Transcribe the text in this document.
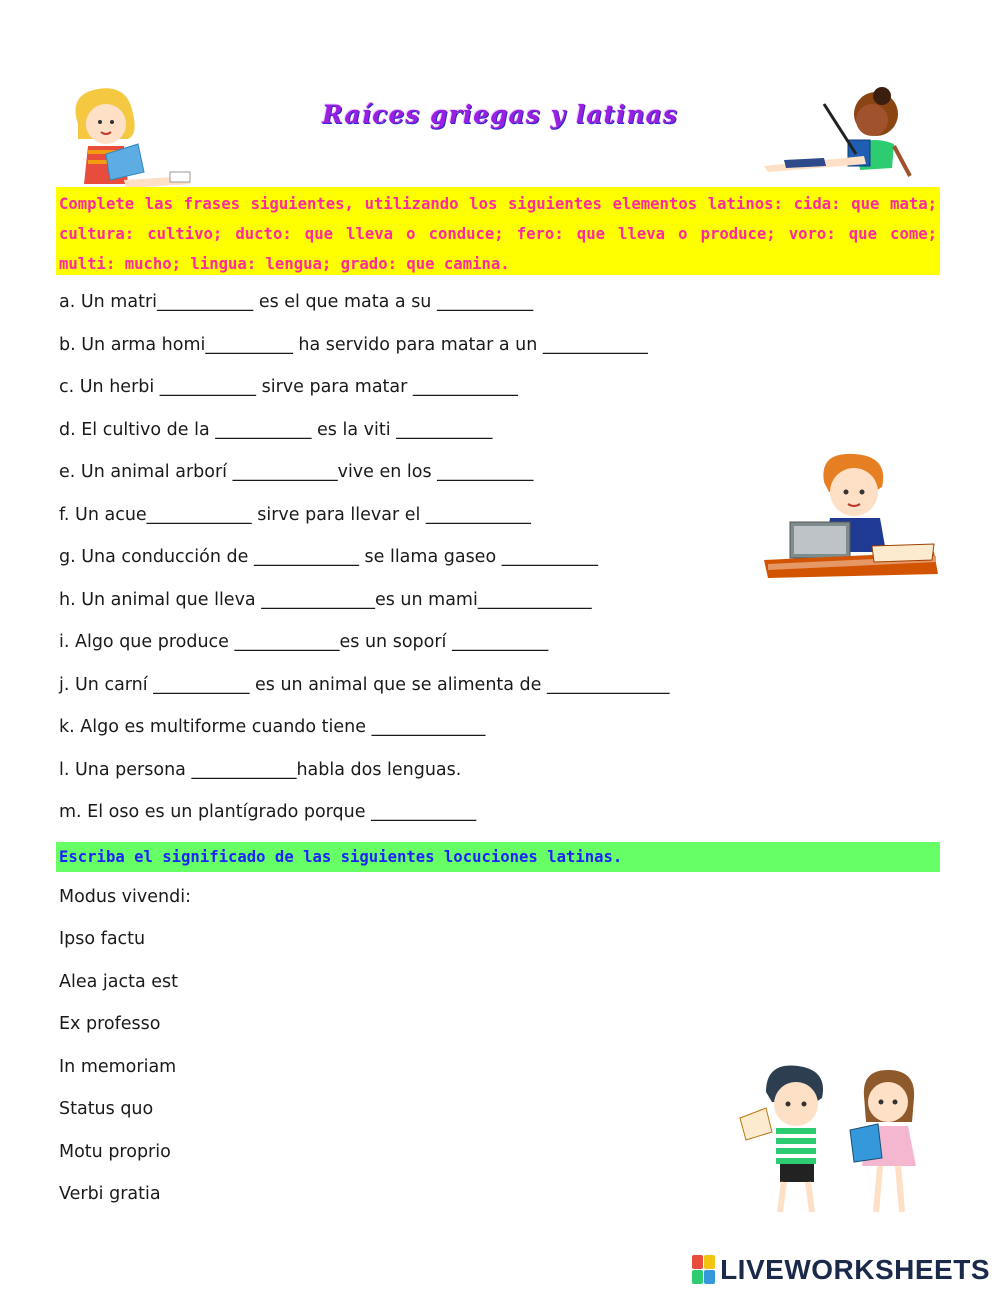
Raíces griegas y latinas
Complete las frases siguientes, utilizando los siguientes elementos latinos: cida: que mata; cultura: cultivo; ducto: que lleva o conduce; fero: que lleva o produce; voro: que come; multi: mucho; lingua: lengua; grado: que camina.
a. Un matri___________ es el que mata a su ___________
b. Un arma homi__________ ha servido para matar a un ____________
c. Un herbi ___________ sirve para matar ____________
d. El cultivo de la ___________ es la viti ___________
e. Un animal arborí ____________vive en los ___________
f. Un acue____________ sirve para llevar el ____________
g. Una conducción de ____________ se llama gaseo ___________
h. Un animal que lleva _____________es un mami_____________
i. Algo que produce ____________es un soporí ___________
j. Un carní ___________ es un animal que se alimenta de ______________
k. Algo es multiforme cuando tiene _____________
l. Una persona ____________habla dos lenguas.
m. El oso es un plantígrado porque ____________
Escriba el significado de las siguientes locuciones latinas.
Modus vivendi:
Ipso factu
Alea jacta est
Ex professo
In memoriam
Status quo
Motu proprio
Verbi gratia
LIVEWORKSHEETS
